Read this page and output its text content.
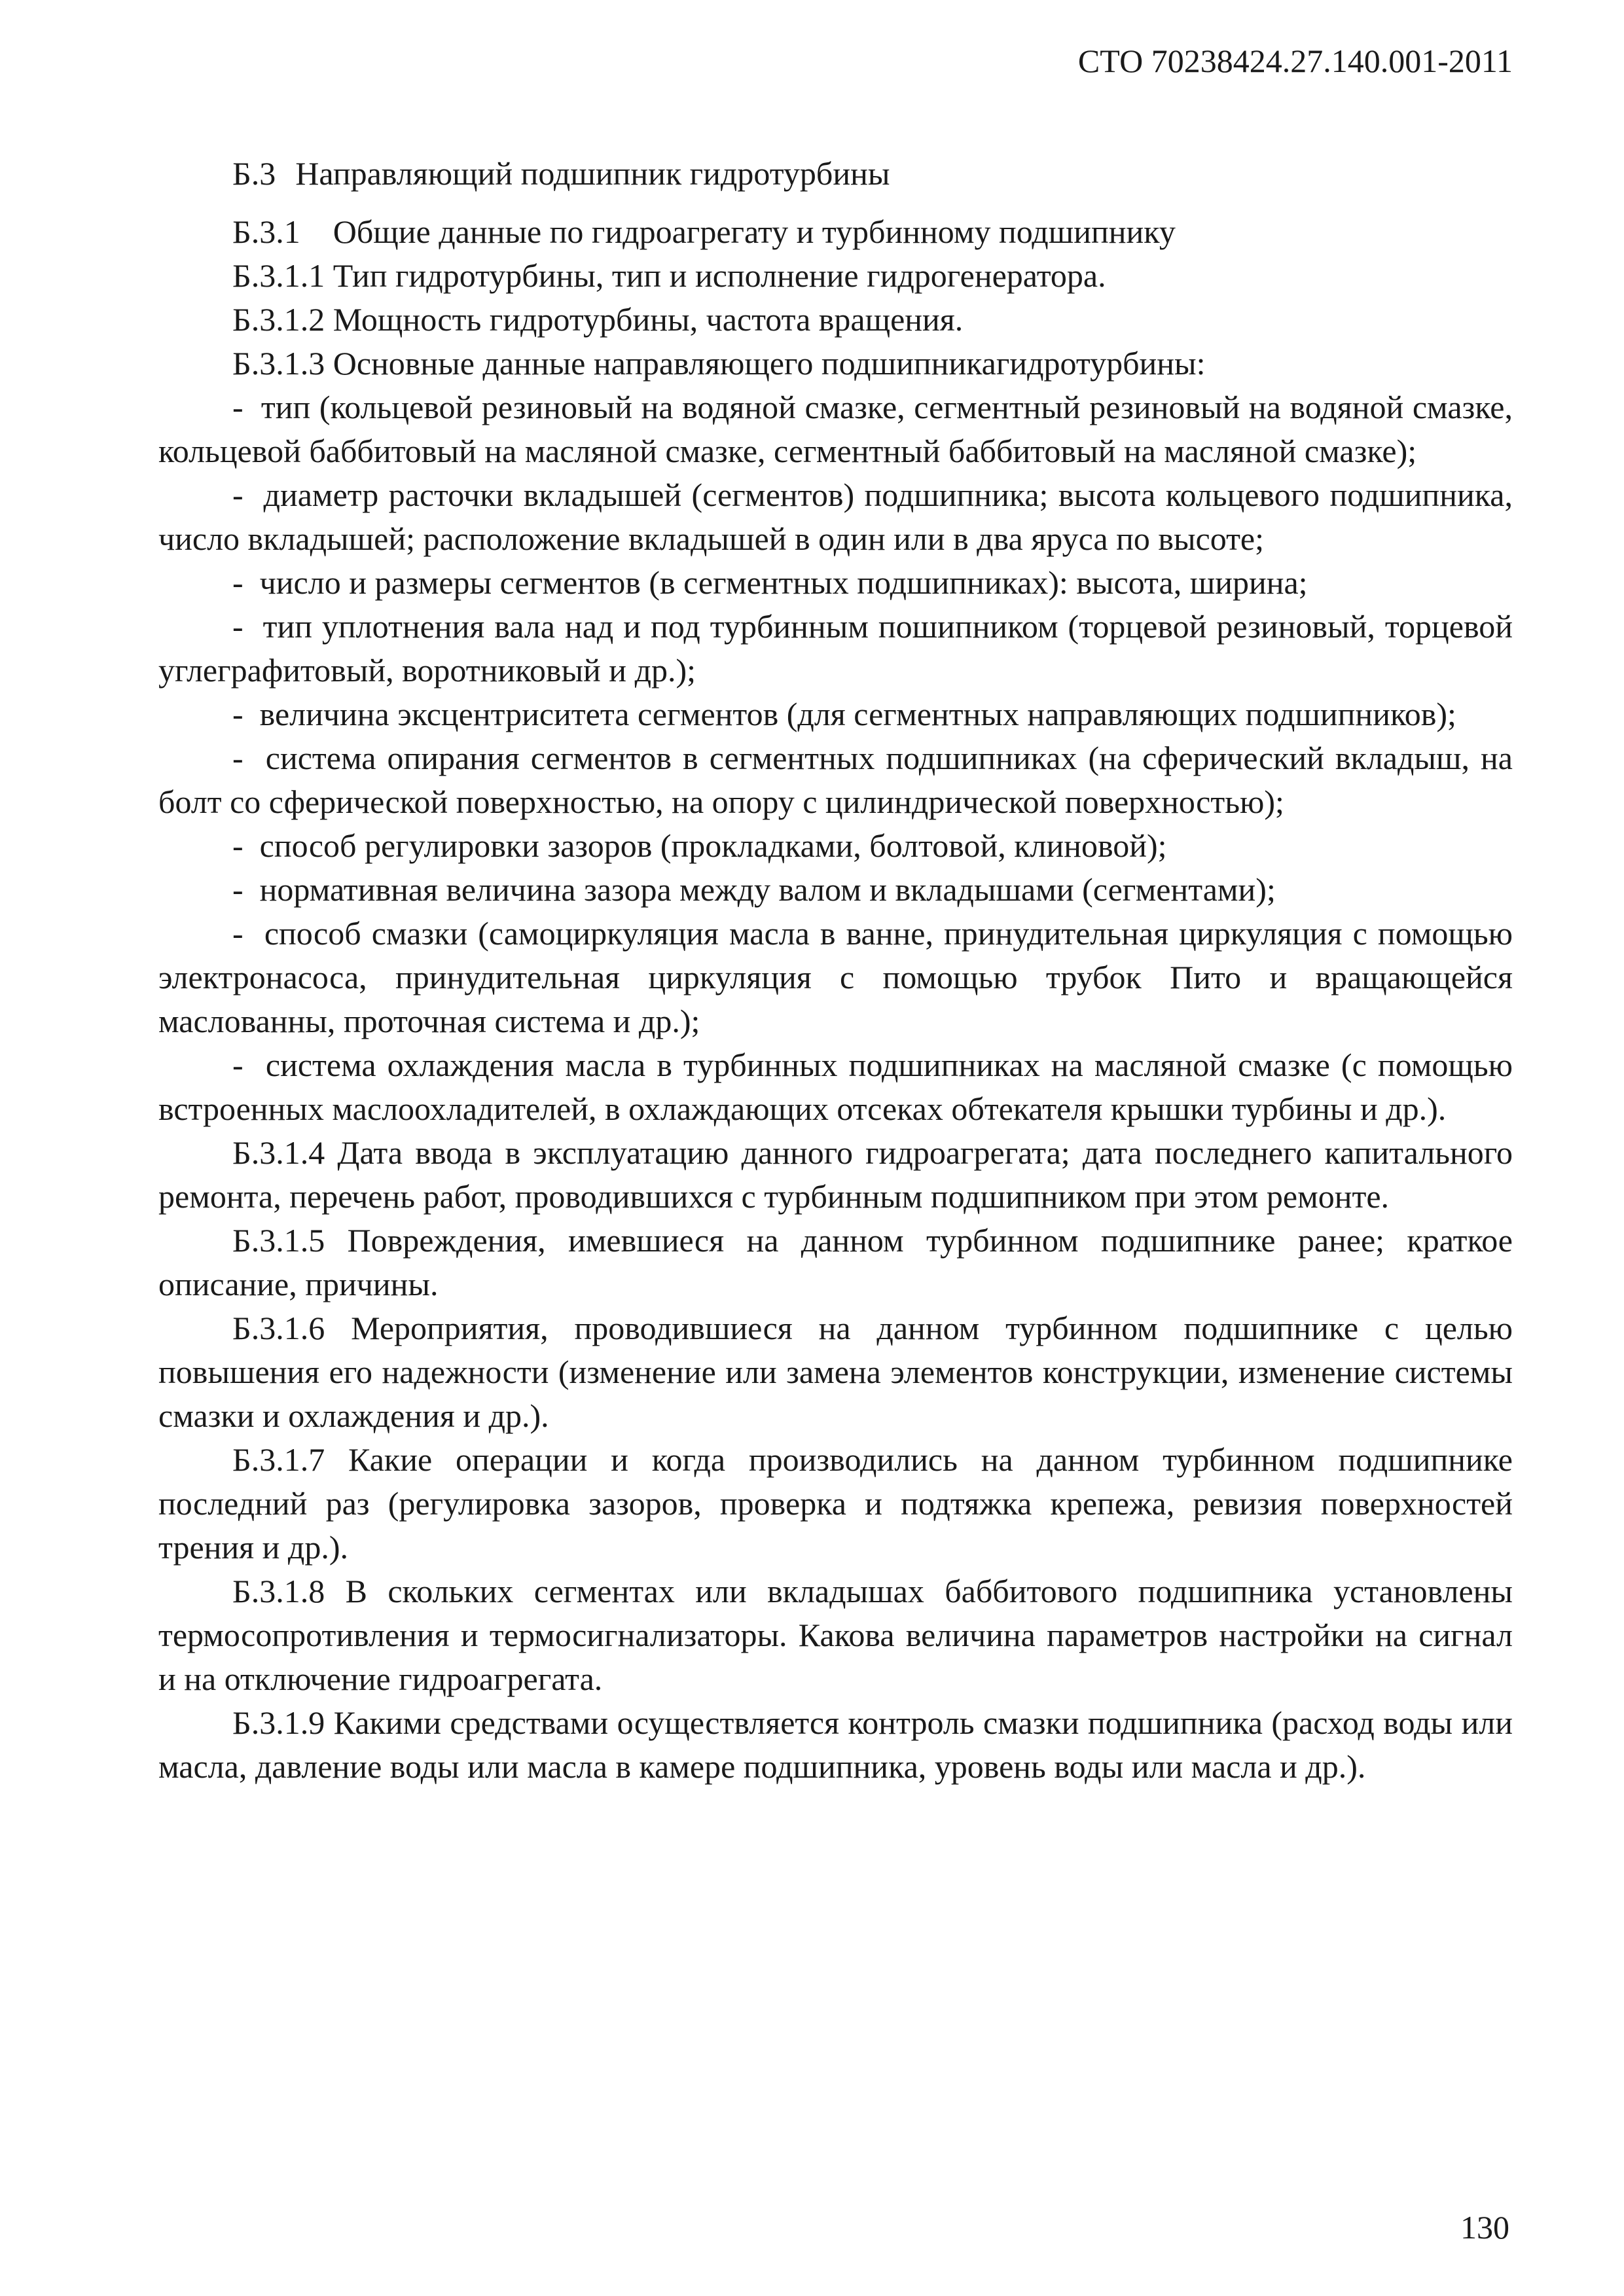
СТО 70238424.27.140.001-2011

Б.3 Направляющий подшипник гидротурбины

Б.3.1 Общие данные по гидроагрегату и турбинному подшипнику

Б.3.1.1 Тип гидротурбины, тип и исполнение гидрогенератора.

Б.3.1.2 Мощность гидротурбины, частота вращения.

Б.3.1.3 Основные данные направляющего подшипникагидротурбины:

- тип (кольцевой резиновый на водяной смазке, сегментный резиновый на водяной смазке, кольцевой баббитовый на масляной смазке, сегментный баббитовый на масляной смазке);

- диаметр расточки вкладышей (сегментов) подшипника; высота кольцевого подшипника, число вкладышей; расположение вкладышей в один или в два яруса по высоте;

- число и размеры сегментов (в сегментных подшипниках): высота, ширина;

- тип уплотнения вала над и под турбинным пошипником (торцевой резиновый, торцевой углеграфитовый, воротниковый и др.);

- величина эксцентриситета сегментов (для сегментных направляющих подшипников);

- система опирания сегментов в сегментных подшипниках (на сферический вкладыш, на болт со сферической поверхностью, на опору с цилиндрической поверхностью);

- способ регулировки зазоров (прокладками, болтовой, клиновой);

- нормативная величина зазора между валом и вкладышами (сегментами);

- способ смазки (самоциркуляция масла в ванне, принудительная циркуляция с помощью электронасоса, принудительная циркуляция с помощью трубок Пито и вращающейся маслованны, проточная система и др.);

- система охлаждения масла в турбинных подшипниках на масляной смазке (с помощью встроенных маслоохладителей, в охлаждающих отсеках обтекателя крышки турбины и др.).

Б.3.1.4 Дата ввода в эксплуатацию данного гидроагрегата; дата последнего капитального ремонта, перечень работ, проводившихся с турбинным подшипником при этом ремонте.

Б.3.1.5 Повреждения, имевшиеся на данном турбинном подшипнике ранее; краткое описание, причины.

Б.3.1.6 Мероприятия, проводившиеся на данном турбинном подшипнике с целью повышения его надежности (изменение или замена элементов конструкции, изменение системы смазки и охлаждения и др.).

Б.3.1.7 Какие операции и когда производились на данном турбинном подшипнике последний раз (регулировка зазоров, проверка и подтяжка крепежа, ревизия поверхностей трения и др.).

Б.3.1.8 В скольких сегментах или вкладышах баббитового подшипника установлены термосопротивления и термосигнализаторы. Какова величина параметров настройки на сигнал и на отключение гидроагрегата.

Б.3.1.9 Какими средствами осуществляется контроль смазки подшипника (расход воды или масла, давление воды или масла в камере подшипника, уровень воды или масла и др.).

130
